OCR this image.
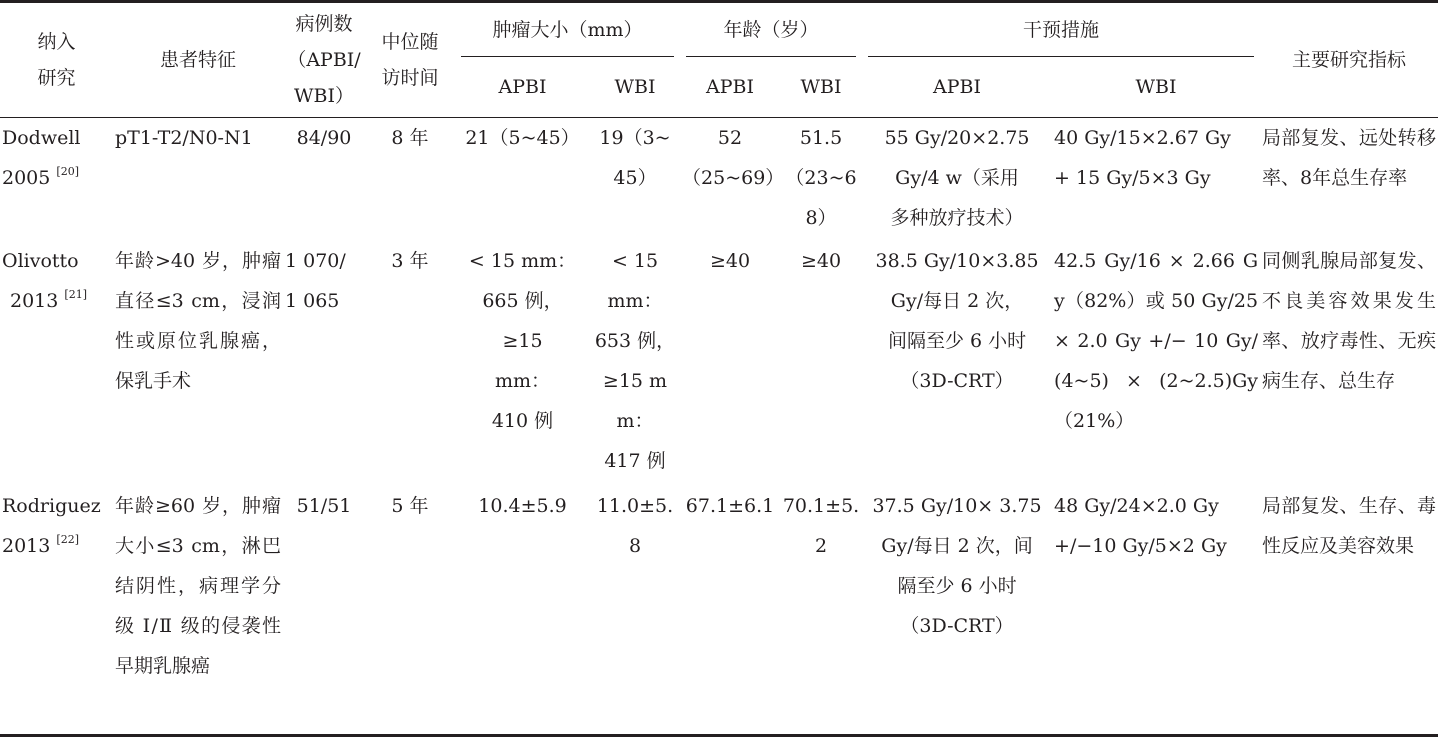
纳入
研究	患者特征	病例数
（APBI/
WBI）	中位随
访时间	肿瘤大小（mm）		年龄（岁）		干预措施		主要研究指标
				APBI	WBI	APBI	WBI	APBI	WBI	
Dodwell
2005 [20]	pT1-T2/N0-N1	84/90	8 年	21（5~45）	19（3~
45）	52
（25~69）	51.5
（23~68）	55 Gy/20×2.75
Gy/4 w（采用
多种放疗技术）	40 Gy/15×2.67 Gy
+ 15 Gy/5×3 Gy	局部复发、远处转移率、8年总生存率
Olivotto
2013 [21]	年龄>40 岁，肿瘤直径≤3 cm，浸润性或原位乳腺癌，保乳手术	1 070/
1 065	3 年	< 15 mm：
665 例，
≥15
mm：
410 例	< 15
mm：
653 例，
≥15 mm：
417 例	≥40	≥40	38.5 Gy/10×3.85
Gy/每日 2 次，
间隔至少 6 小时
（3D-CRT）	42.5 Gy/16 × 2.66 Gy（82%）或 50 Gy/25 × 2.0 Gy +/− 10 Gy/(4~5) × (2~2.5)Gy（21%）	同侧乳腺局部复发、不良美容效果发生率、放疗毒性、无疾病生存、总生存
Rodriguez
2013 [22]	年龄≥60 岁，肿瘤大小≤3 cm，淋巴结阴性，病理学分级 Ⅰ/Ⅱ 级的侵袭性早期乳腺癌	51/51	5 年	10.4±5.9	11.0±5.8	67.1±6.1	70.1±5.2	37.5 Gy/10× 3.75
Gy/每日 2 次，间
隔至少 6 小时
（3D-CRT）	48 Gy/24×2.0 Gy
+/−10 Gy/5×2 Gy	局部复发、生存、毒性反应及美容效果
